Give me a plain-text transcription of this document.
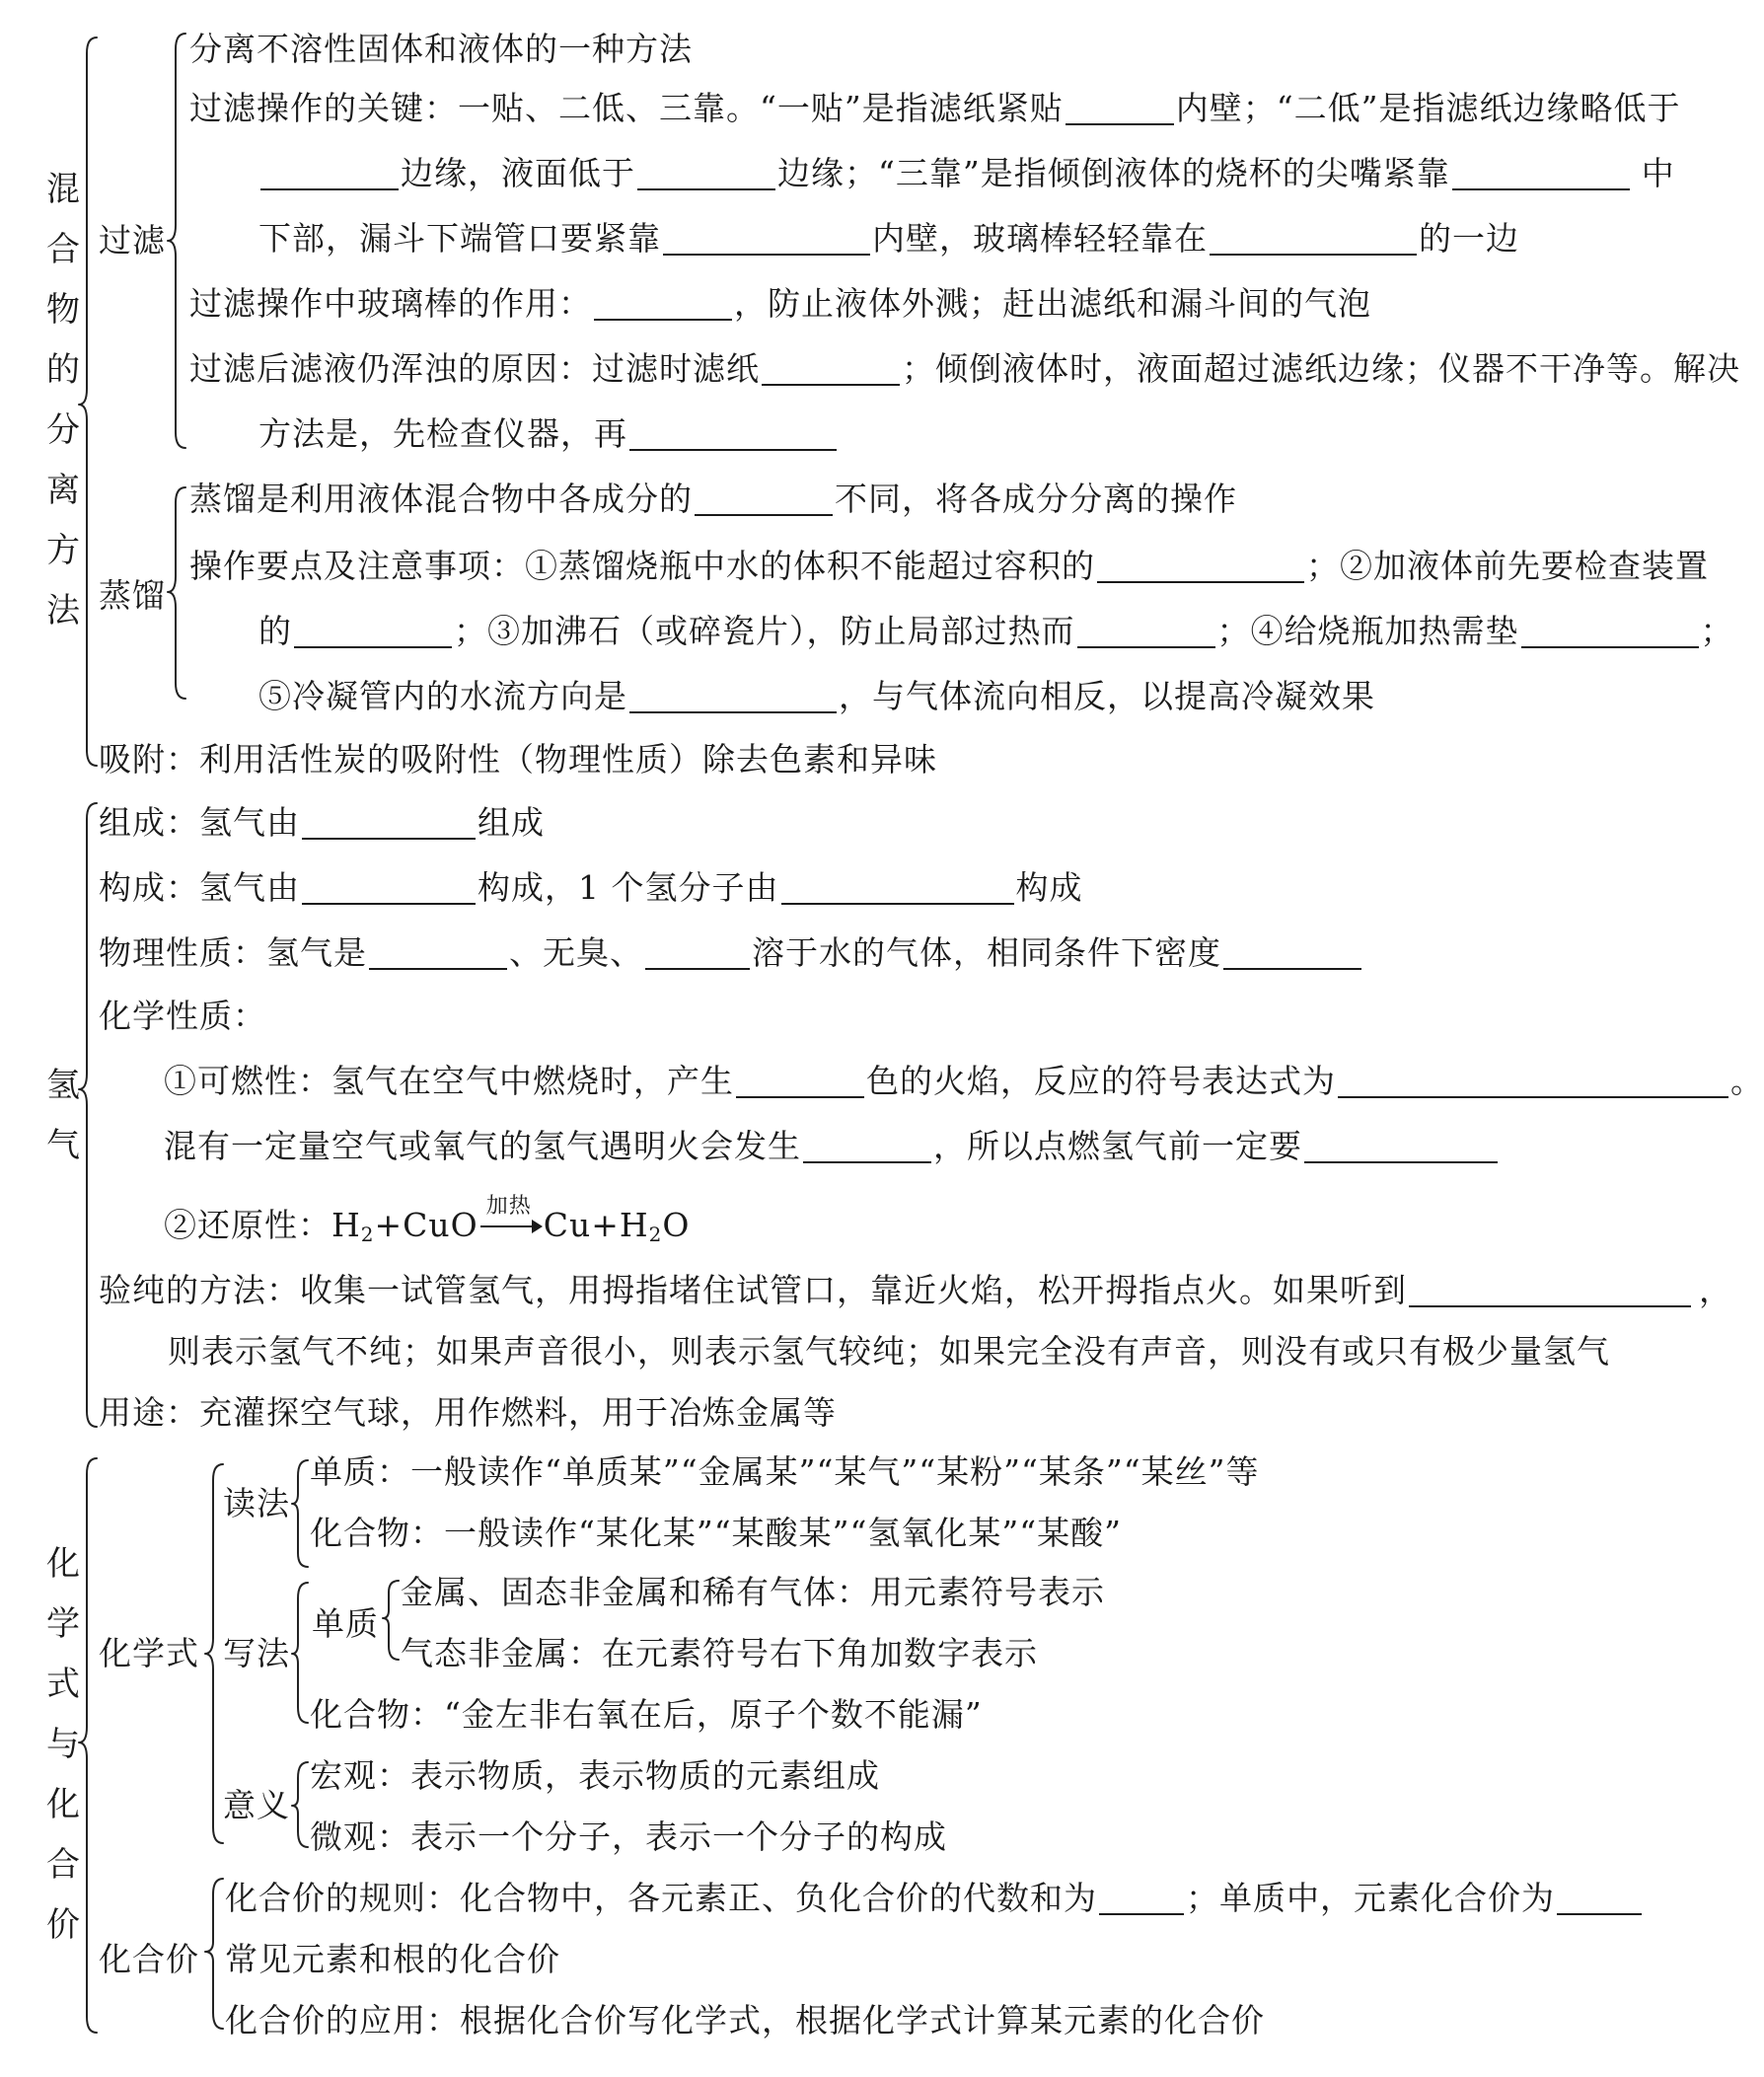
混合物的分离方法
过滤
分离不溶性固体和液体的一种方法
过滤操作的关键：一贴、二低、三靠。“一贴”是指滤纸紧贴	内壁；“二低”是指滤纸边缘略低于
边缘，液面低于	边缘；“三靠”是指倾倒液体的烧杯的尖嘴紧靠	中
下部，漏斗下端管口要紧靠	内壁，玻璃棒轻轻靠在	的一边
过滤操作中玻璃棒的作用：	，防止液体外溅；赶出滤纸和漏斗间的气泡
过滤后滤液仍浑浊的原因：过滤时滤纸	；倾倒液体时，液面超过滤纸边缘；仪器不干净等。解决
方法是，先检查仪器，再
蒸馏
蒸馏是利用液体混合物中各成分的	不同，将各成分分离的操作
操作要点及注意事项：①蒸馏烧瓶中水的体积不能超过容积的	；②加液体前先要检查装置
的	；③加沸石（或碎瓷片），防止局部过热而	；④给烧瓶加热需垫	；
⑤冷凝管内的水流方向是	，与气体流向相反，以提高冷凝效果
吸附：利用活性炭的吸附性（物理性质）除去色素和异味
氢气
组成：氢气由	组成
构成：氢气由	构成，1 个氢分子由	构成
物理性质：氢气是	、无臭、	溶于水的气体，相同条件下密度
化学性质：
①可燃性：氢气在空气中燃烧时，产生	色的火焰，反应的符号表达式为	。
混有一定量空气或氧气的氢气遇明火会发生	，所以点燃氢气前一定要
②还原性：$H_2+CuO$ 加热 $Cu+H_2O$
验纯的方法：收集一试管氢气，用拇指堵住试管口，靠近火焰，松开拇指点火。如果听到	，
则表示氢气不纯；如果声音很小，则表示氢气较纯；如果完全没有声音，则没有或只有极少量氢气
用途：充灌探空气球，用作燃料，用于冶炼金属等
化学式与化合价
化学式
读法
单质：一般读作“单质某”“金属某”“某气”“某粉”“某条”“某丝”等
化合物：一般读作“某化某”“某酸某”“氢氧化某”“某酸”
写法
单质
金属、固态非金属和稀有气体：用元素符号表示
气态非金属：在元素符号右下角加数字表示
化合物：“金左非右氧在后，原子个数不能漏”
意义
宏观：表示物质，表示物质的元素组成
微观：表示一个分子，表示一个分子的构成
化合价
化合价的规则：化合物中，各元素正、负化合价的代数和为	；单质中，元素化合价为
常见元素和根的化合价
化合价的应用：根据化合价写化学式，根据化学式计算某元素的化合价
